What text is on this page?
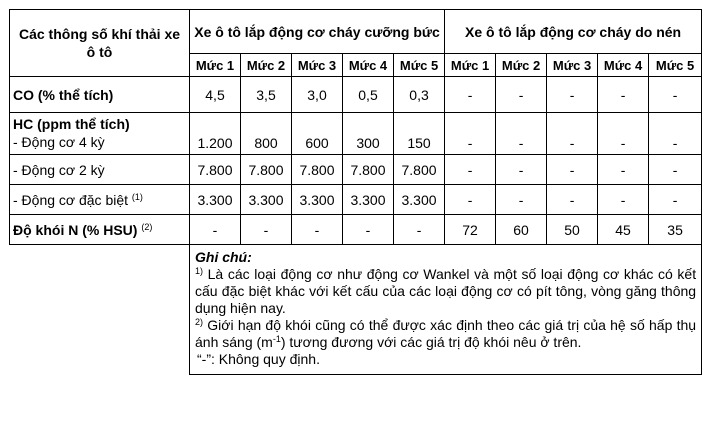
Các thông số khí thải xe ô tô	Xe ô tô lắp động cơ cháy cưỡng bức					Xe ô tô lắp động cơ cháy do nén				
	Mức 1	Mức 2	Mức 3	Mức 4	Mức 5	Mức 1	Mức 2	Mức 3	Mức 4	Mức 5
CO (% thể tích)	4,5	3,5	3,0	0,5	0,3	-	-	-	-	-
HC (ppm thể tích)
- Động cơ 4 kỳ	1.200	800	600	300	150	-	-	-	-	-
- Động cơ 2 kỳ	7.800	7.800	7.800	7.800	7.800	-	-	-	-	-
- Động cơ đặc biệt $^{(1)}$	3.300	3.300	3.300	3.300	3.300	-	-	-	-	-
Độ khói N (% HSU) $^{(2)}$	-	-	-	-	-	72	60	50	45	35

	Ghi chú:
$^{1)}$ Là các loại động cơ như động cơ Wankel và một số loại động cơ khác có kết cấu đặc biệt khác với kết cấu của các loại động cơ có pít tông, vòng găng thông dụng hiện nay.
$^{2)}$ Giới hạn độ khói cũng có thể được xác định theo các giá trị của hệ số hấp thụ ánh sáng $(m^{-1})$ tương đương với các giá trị độ khói nêu ở trên.
“-”: Không quy định.									
